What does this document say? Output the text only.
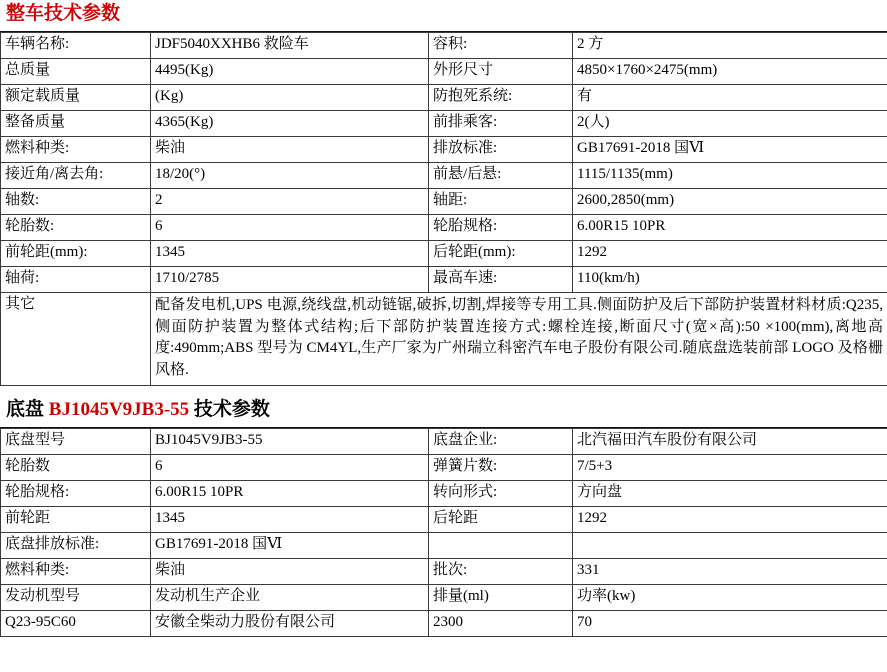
整车技术参数
车辆名称:	JDF5040XXHB6 救险车	容积:	2 方
总质量	4495(Kg)	外形尺寸	4850×1760×2475(mm)
额定载质量	(Kg)	防抱死系统:	有
整备质量	4365(Kg)	前排乘客:	2(人)
燃料种类:	柴油	排放标准:	GB17691-2018 国Ⅵ
接近角/离去角:	18/20(°)	前悬/后悬:	1115/1135(mm)
轴数:	2	轴距:	2600,2850(mm)
轮胎数:	6	轮胎规格:	6.00R15 10PR
前轮距(mm):	1345	后轮距(mm):	1292
轴荷:	1710/2785	最高车速:	110(km/h)
其它	配备发电机,UPS 电源,绕线盘,机动链锯,破拆,切割,焊接等专用工具.侧面防护及后下部防护装置材料材质:Q235,侧面防护装置为整体式结构;后下部防护装置连接方式:螺栓连接,断面尺寸(宽×高):50 ×100(mm),离地高度:490mm;ABS 型号为 CM4YL,生产厂家为广州瑞立科密汽车电子股份有限公司.随底盘选装前部 LOGO 及格栅风格.		
底盘 BJ1045V9JB3-55 技术参数
底盘型号	BJ1045V9JB3-55	底盘企业:	北汽福田汽车股份有限公司
轮胎数	6	弹簧片数:	7/5+3
轮胎规格:	6.00R15 10PR	转向形式:	方向盘
前轮距	1345	后轮距	1292
底盘排放标准:	GB17691-2018 国Ⅵ		
燃料种类:	柴油	批次:	331
发动机型号	发动机生产企业	排量(ml)	功率(kw)
Q23-95C60	安徽全柴动力股份有限公司	2300	70
